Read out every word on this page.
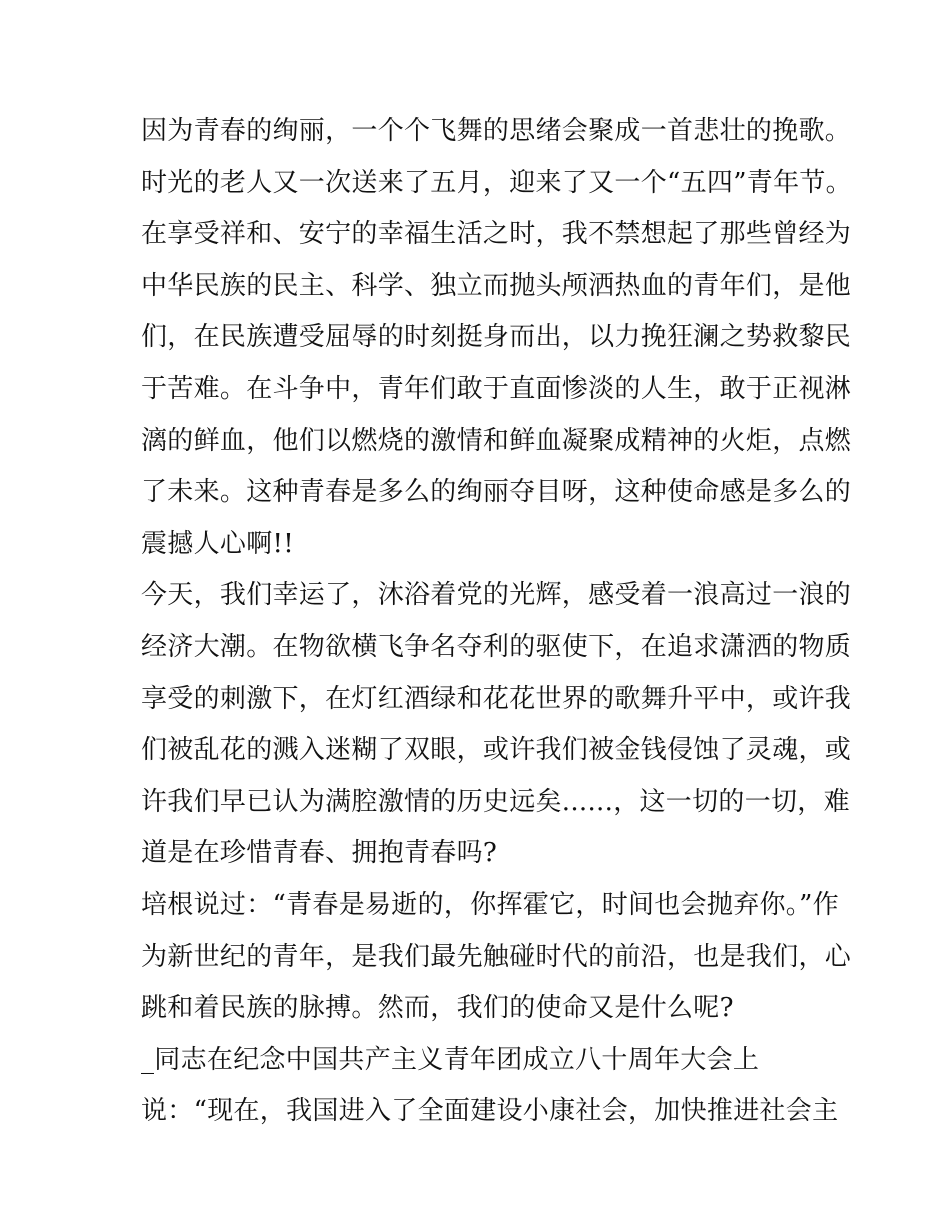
因为青春的绚丽，一个个飞舞的思绪会聚成一首悲壮的挽歌。
时光的老人又一次送来了五月，迎来了又一个“五四”青年节。
在享受祥和、安宁的幸福生活之时，我不禁想起了那些曾经为
中华民族的民主、科学、独立而抛头颅洒热血的青年们，是他
们，在民族遭受屈辱的时刻挺身而出，以力挽狂澜之势救黎民
于苦难。在斗争中，青年们敢于直面惨淡的人生，敢于正视淋
漓的鲜血，他们以燃烧的激情和鲜血凝聚成精神的火炬，点燃
了未来。这种青春是多么的绚丽夺目呀，这种使命感是多么的
震撼人心啊!!
今天，我们幸运了，沐浴着党的光辉，感受着一浪高过一浪的
经济大潮。在物欲横飞争名夺利的驱使下，在追求潇洒的物质
享受的刺激下，在灯红酒绿和花花世界的歌舞升平中，或许我
们被乱花的溅入迷糊了双眼，或许我们被金钱侵蚀了灵魂，或
许我们早已认为满腔激情的历史远矣......，这一切的一切，难
道是在珍惜青春、拥抱青春吗?
培根说过：“青春是易逝的，你挥霍它，时间也会抛弃你。”作
为新世纪的青年，是我们最先触碰时代的前沿，也是我们，心
跳和着民族的脉搏。然而，我们的使命又是什么呢?
_同志在纪念中国共产主义青年团成立八十周年大会上
说：“现在，我国进入了全面建设小康社会，加快推进社会主
